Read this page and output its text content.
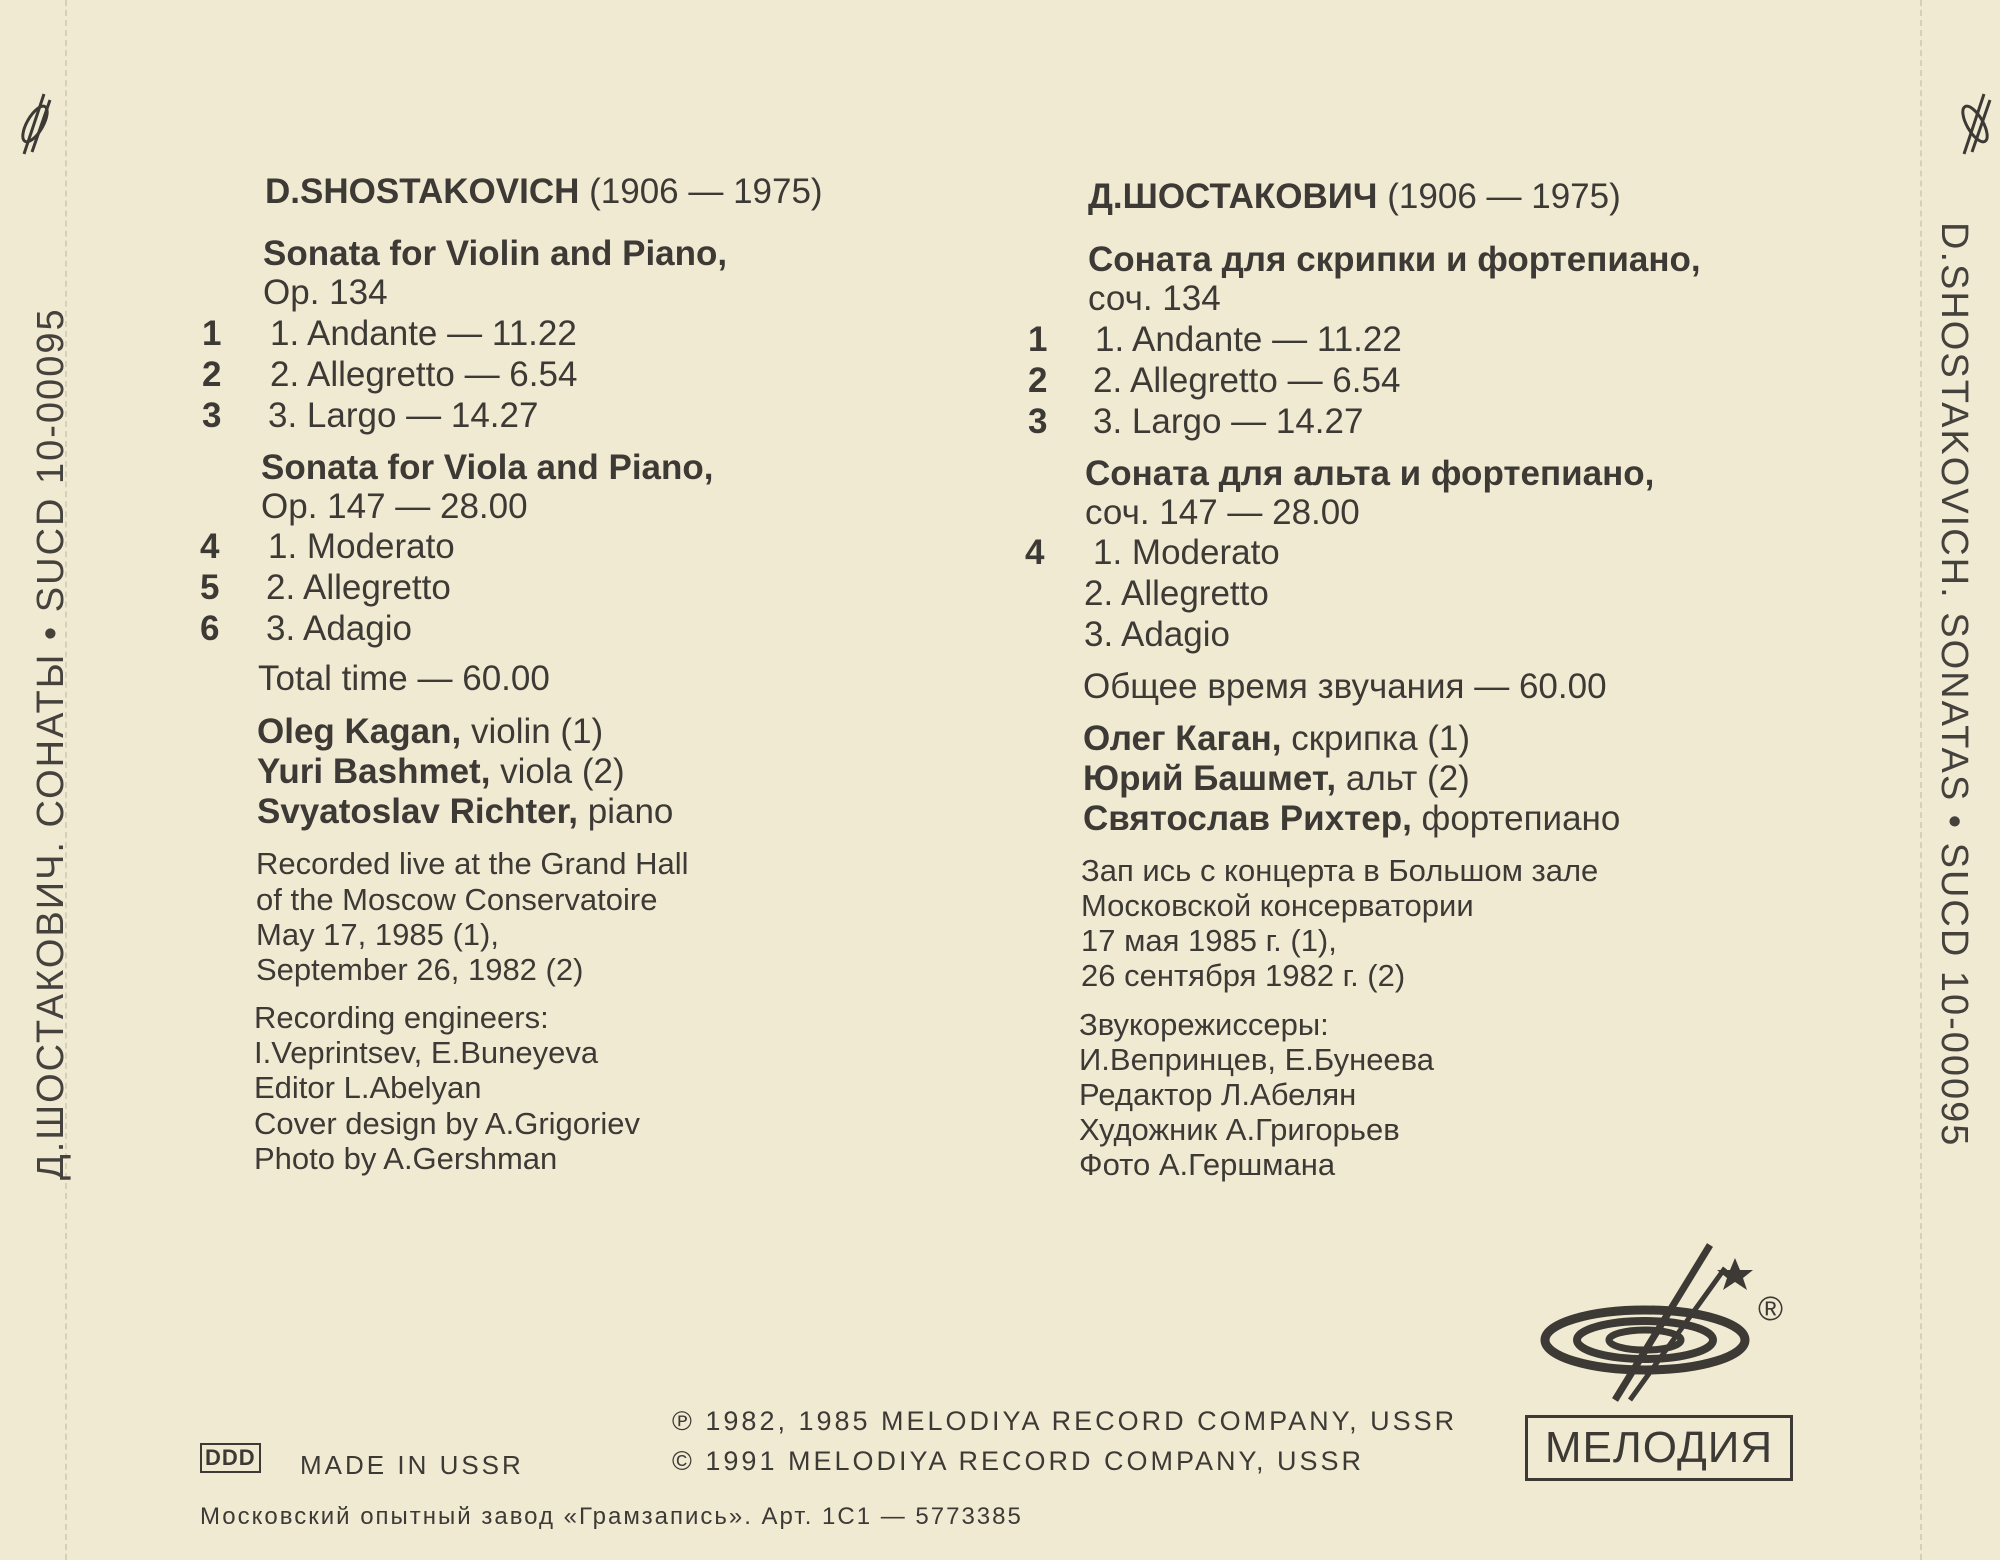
Д.ШОСТАКОВИЧ. СОНАТЫ • SUCD 10-00095	D.SHOSTAKOVICH. SONATAS • SUCD 10-00095
D.SHOSTAKOVICH (1906 — 1975)
Sonata for Violin and Piano,
Op. 134
1 1. Andante — 11.22
2 2. Allegretto — 6.54
3 3. Largo — 14.27
Sonata for Viola and Piano,
Op. 147 — 28.00
4 1. Moderato
5 2. Allegretto
6 3. Adagio
Total time — 60.00
Oleg Kagan, violin (1)
Yuri Bashmet, viola (2)
Svyatoslav Richter, piano
Recorded live at the Grand Hall
of the Moscow Conservatoire
May 17, 1985 (1),
September 26, 1982 (2)
Recording engineers:
I.Veprintsev, E.Buneyeva
Editor L.Abelyan
Cover design by A.Grigoriev
Photo by A.Gershman
Д.ШОСТАКОВИЧ (1906 — 1975)
Соната для скрипки и фортепиано,
соч. 134
1 1. Andante — 11.22
2 2. Allegretto — 6.54
3 3. Largo — 14.27
Соната для альта и фортепиано,
соч. 147 — 28.00
4 1. Moderato
2. Allegretto
3. Adagio
Общее время звучания — 60.00
Олег Каган, скрипка (1)
Юрий Башмет, альт (2)
Святослав Рихтер, фортепиано
Зап ись с концерта в Большом зале
Московской консерватории
17 мая 1985 г. (1),
26 сентября 1982 г. (2)
Звукорежиссеры:
И.Вепринцев, Е.Бунеева
Редактор Л.Абелян
Художник А.Григорьев
Фото А.Гершмана
®
МЕЛОДИЯ
DDD MADE IN USSR
℗ 1982, 1985 MELODIYA RECORD COMPANY, USSR
© 1991 MELODIYA RECORD COMPANY, USSR
Московский опытный завод «Грамзапись». Арт. 1С1 — 5773385
